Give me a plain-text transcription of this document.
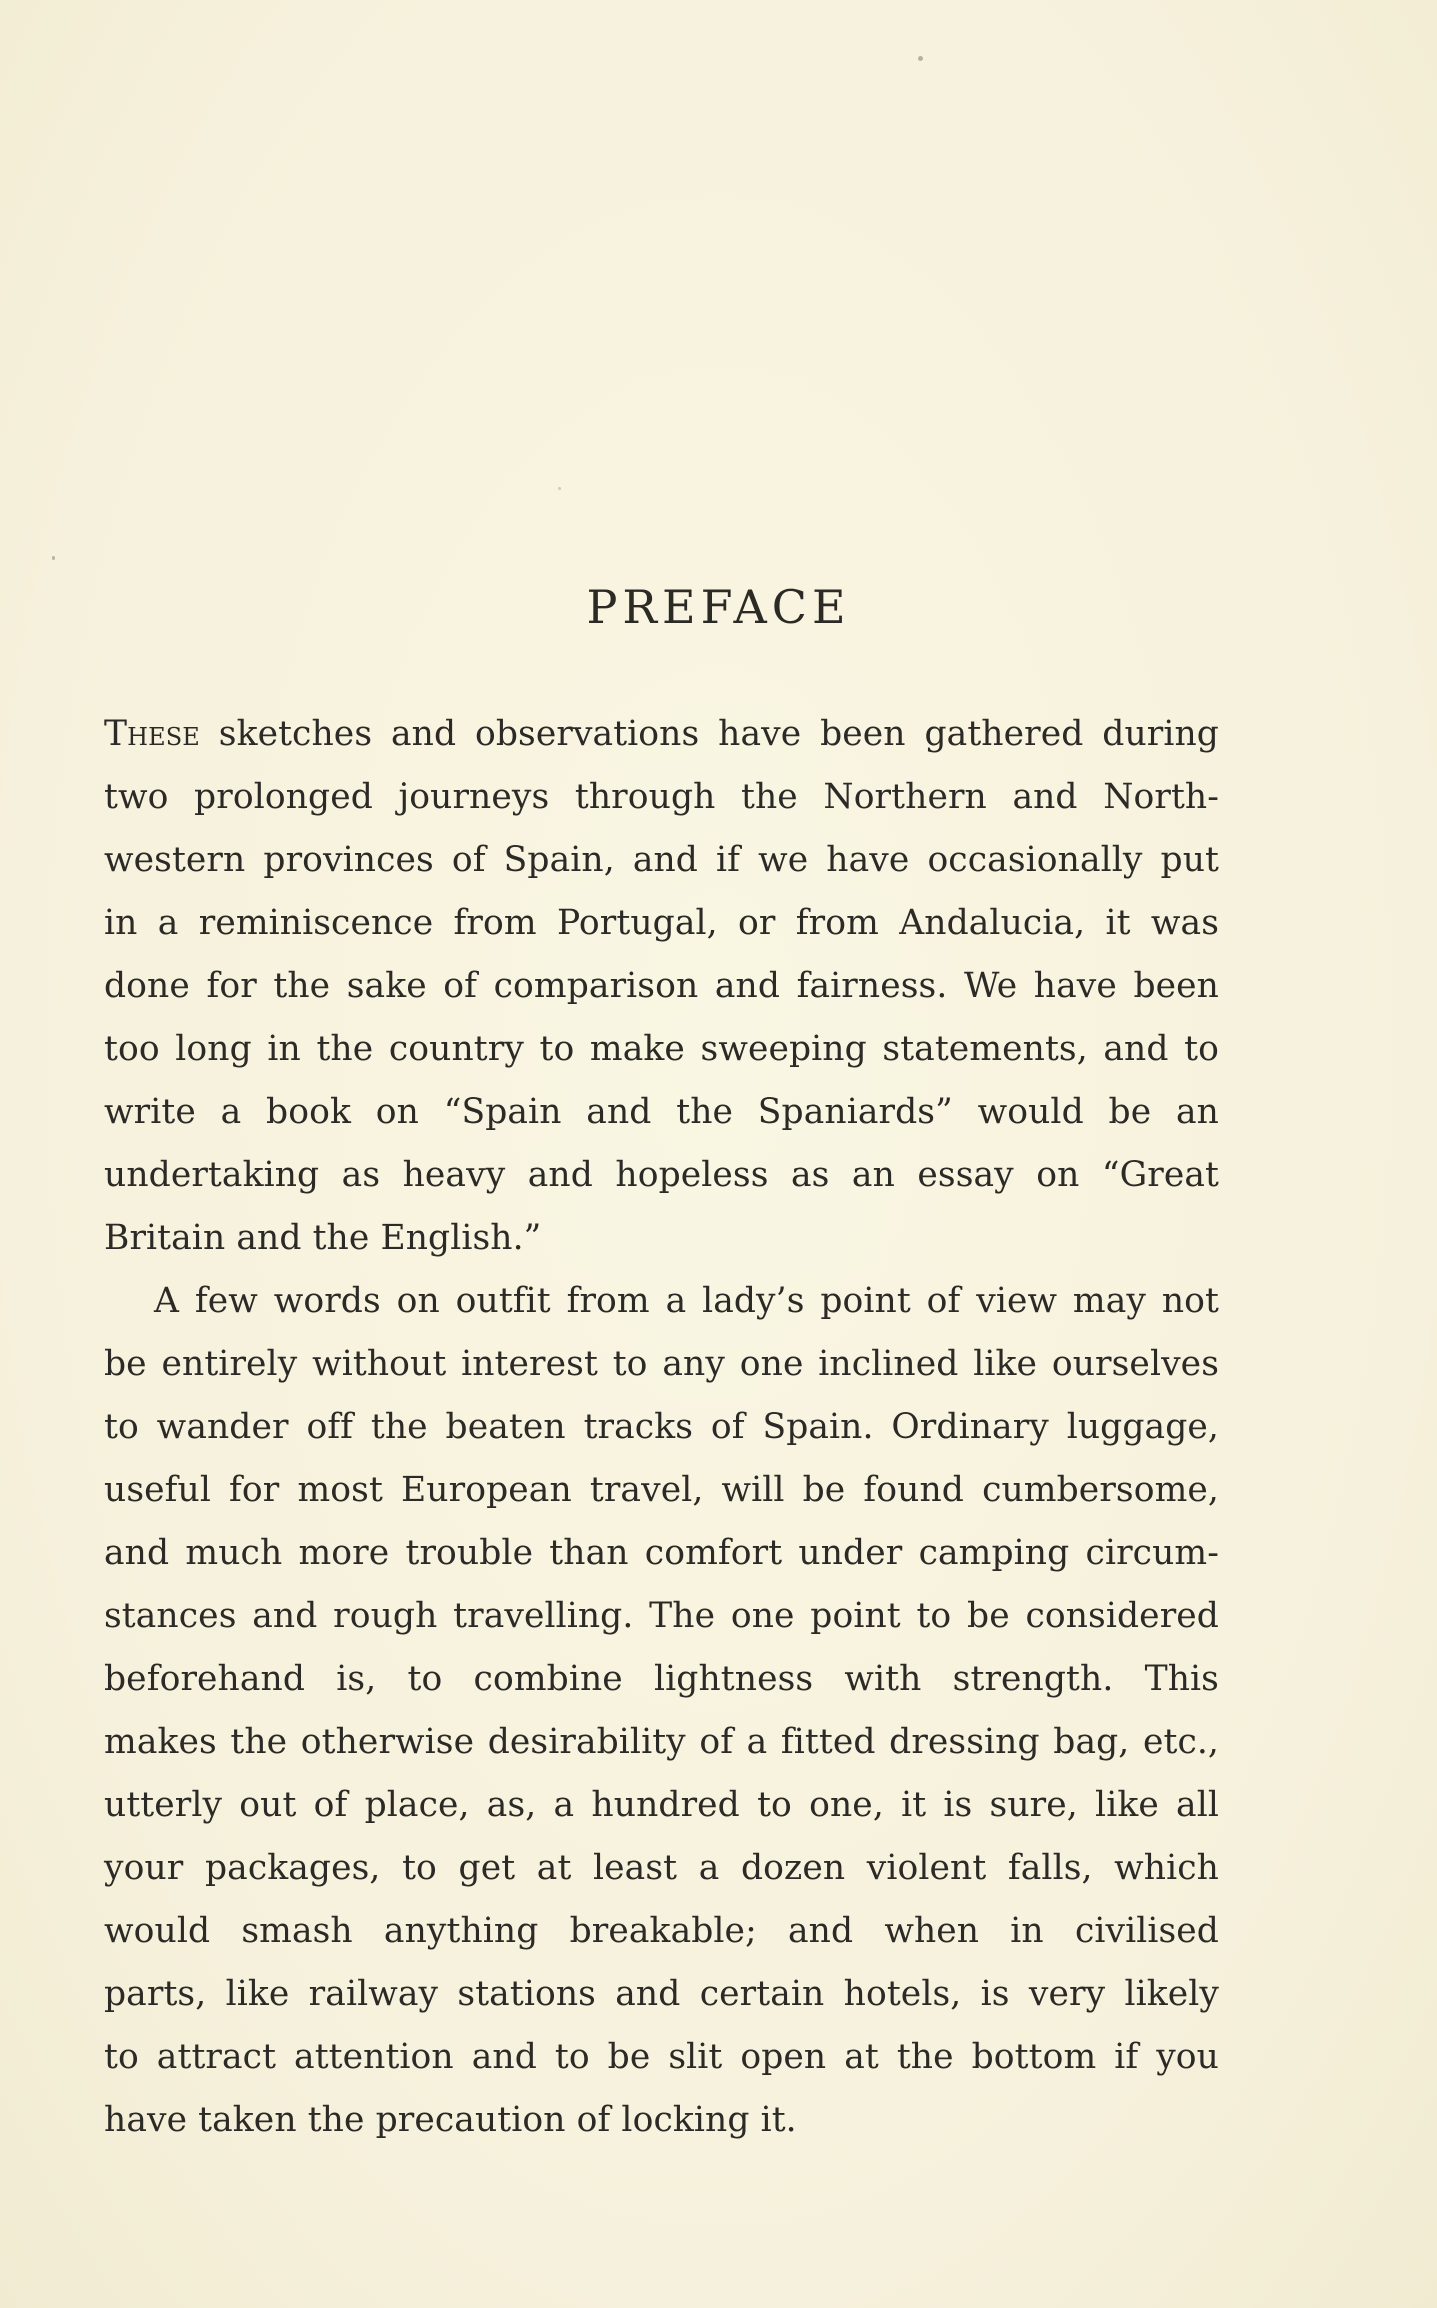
PREFACE

These sketches and observations have been gathered during
two prolonged journeys through the Northern and North-
western provinces of Spain, and if we have occasionally put
in a reminiscence from Portugal, or from Andalucia, it was
done for the sake of comparison and fairness. We have been
too long in the country to make sweeping statements, and to
write a book on “Spain and the Spaniards” would be an
undertaking as heavy and hopeless as an essay on “Great
Britain and the English.”

A few words on outfit from a lady’s point of view may not
be entirely without interest to any one inclined like ourselves
to wander off the beaten tracks of Spain. Ordinary luggage,
useful for most European travel, will be found cumbersome,
and much more trouble than comfort under camping circum-
stances and rough travelling. The one point to be considered
beforehand is, to combine lightness with strength. This
makes the otherwise desirability of a fitted dressing bag, etc.,
utterly out of place, as, a hundred to one, it is sure, like all
your packages, to get at least a dozen violent falls, which
would smash anything breakable; and when in civilised
parts, like railway stations and certain hotels, is very likely
to attract attention and to be slit open at the bottom if you
have taken the precaution of locking it.
